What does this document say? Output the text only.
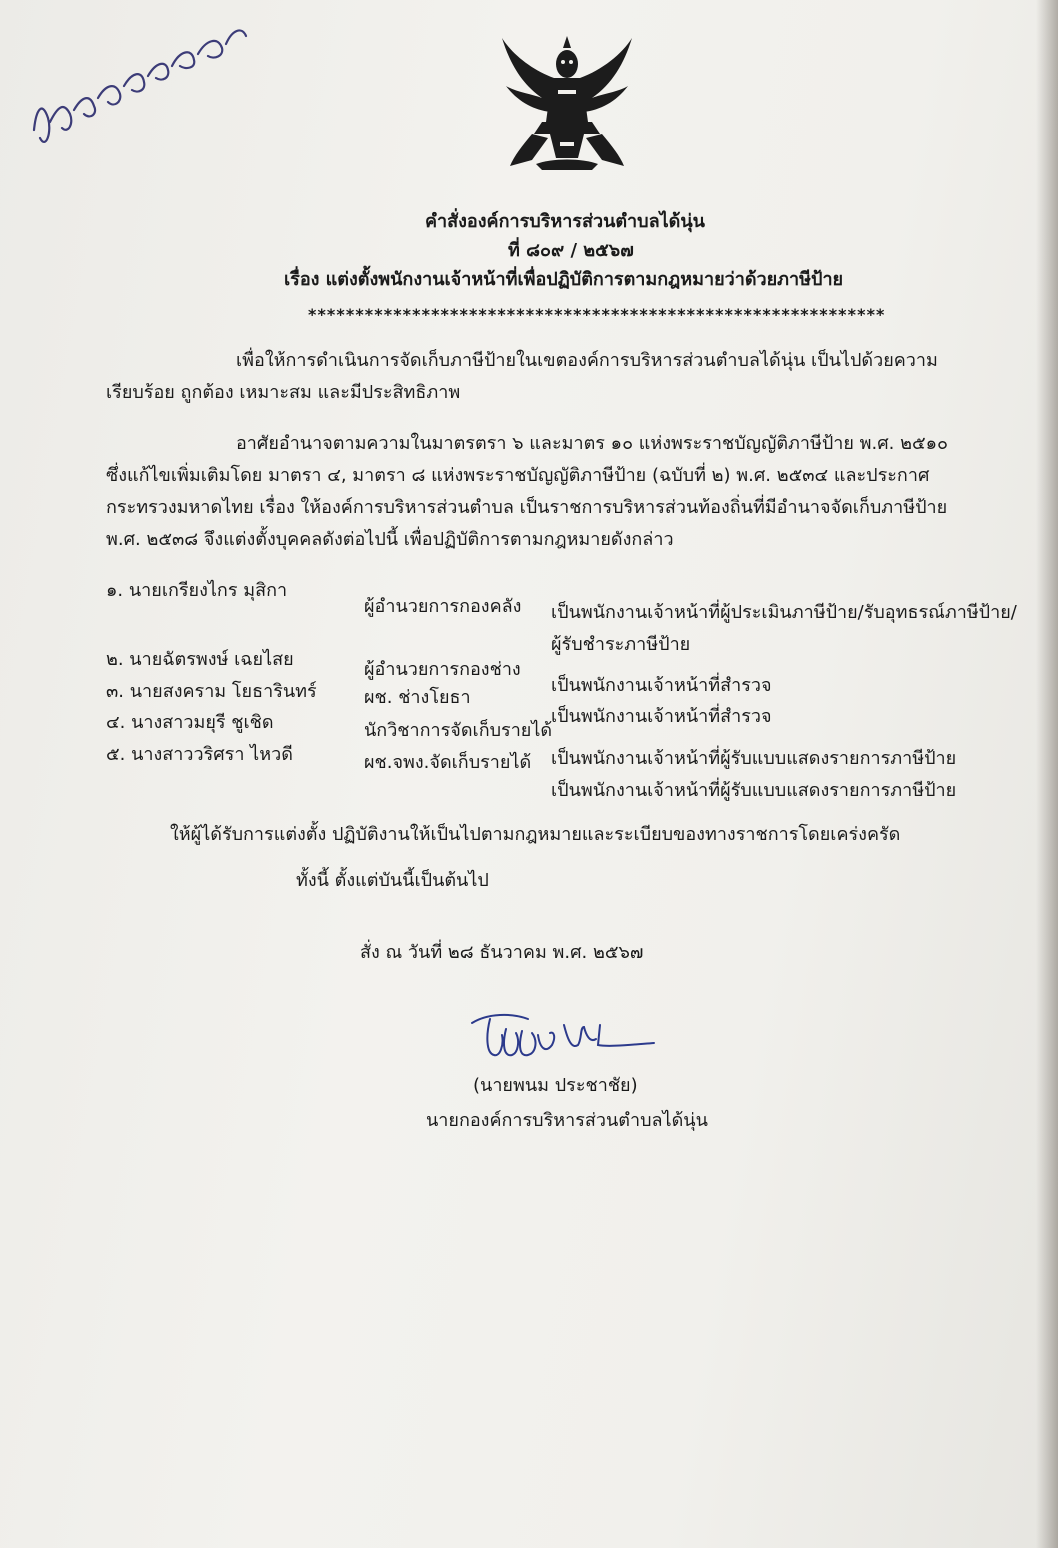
คำสั่งองค์การบริหารส่วนตำบลได้นุ่น
ที่ ๘๐๙ / ๒๕๖๗
เรื่อง แต่งตั้งพนักงานเจ้าหน้าที่เพื่อปฏิบัติการตามกฎหมายว่าด้วยภาษีป้าย
*************************************************************
เพื่อให้การดำเนินการจัดเก็บภาษีป้ายในเขตองค์การบริหารส่วนตำบลได้นุ่น เป็นไปด้วยความ
เรียบร้อย ถูกต้อง เหมาะสม และมีประสิทธิภาพ
อาศัยอำนาจตามความในมาตรตรา ๖ และมาตร ๑๐ แห่งพระราชบัญญัติภาษีป้าย พ.ศ. ๒๕๑๐
ซึ่งแก้ไขเพิ่มเติมโดย มาตรา ๔, มาตรา ๘ แห่งพระราชบัญญัติภาษีป้าย (ฉบับที่ ๒) พ.ศ. ๒๕๓๔ และประกาศ
กระทรวงมหาดไทย เรื่อง ให้องค์การบริหารส่วนตำบล เป็นราชการบริหารส่วนท้องถิ่นที่มีอำนาจจัดเก็บภาษีป้าย
พ.ศ. ๒๕๓๘ จึงแต่งตั้งบุคคลดังต่อไปนี้ เพื่อปฏิบัติการตามกฎหมายดังกล่าว
๑. นายเกรียงไกร มุสิกา
ผู้อำนวยการกองคลัง เป็นพนักงานเจ้าหน้าที่ผู้ประเมินภาษีป้าย/รับอุทธรณ์ภาษีป้าย/
ผู้รับชำระภาษีป้าย
๒. นายฉัตรพงษ์ เฉยไสย	ผู้อำนวยการกองช่าง
เป็นพนักงานเจ้าหน้าที่สำรวจ
๓. นายสงคราม โยธารินทร์	ผช. ช่างโยธา
เป็นพนักงานเจ้าหน้าที่สำรวจ
๔. นางสาวมยุรี ชูเชิด	นักวิชาการจัดเก็บรายได้
เป็นพนักงานเจ้าหน้าที่ผู้รับแบบแสดงรายการภาษีป้าย
๕. นางสาววริศรา ไหวดี	ผช.จพง.จัดเก็บรายได้
เป็นพนักงานเจ้าหน้าที่ผู้รับแบบแสดงรายการภาษีป้าย
ให้ผู้ได้รับการแต่งตั้ง ปฏิบัติงานให้เป็นไปตามกฎหมายและระเบียบของทางราชการโดยเคร่งครัด
ทั้งนี้ ตั้งแต่บันนี้เป็นต้นไป
สั่ง ณ วันที่ ๒๘ ธันวาคม พ.ศ. ๒๕๖๗
(นายพนม ประชาชัย)
นายกองค์การบริหารส่วนตำบลได้นุ่น
